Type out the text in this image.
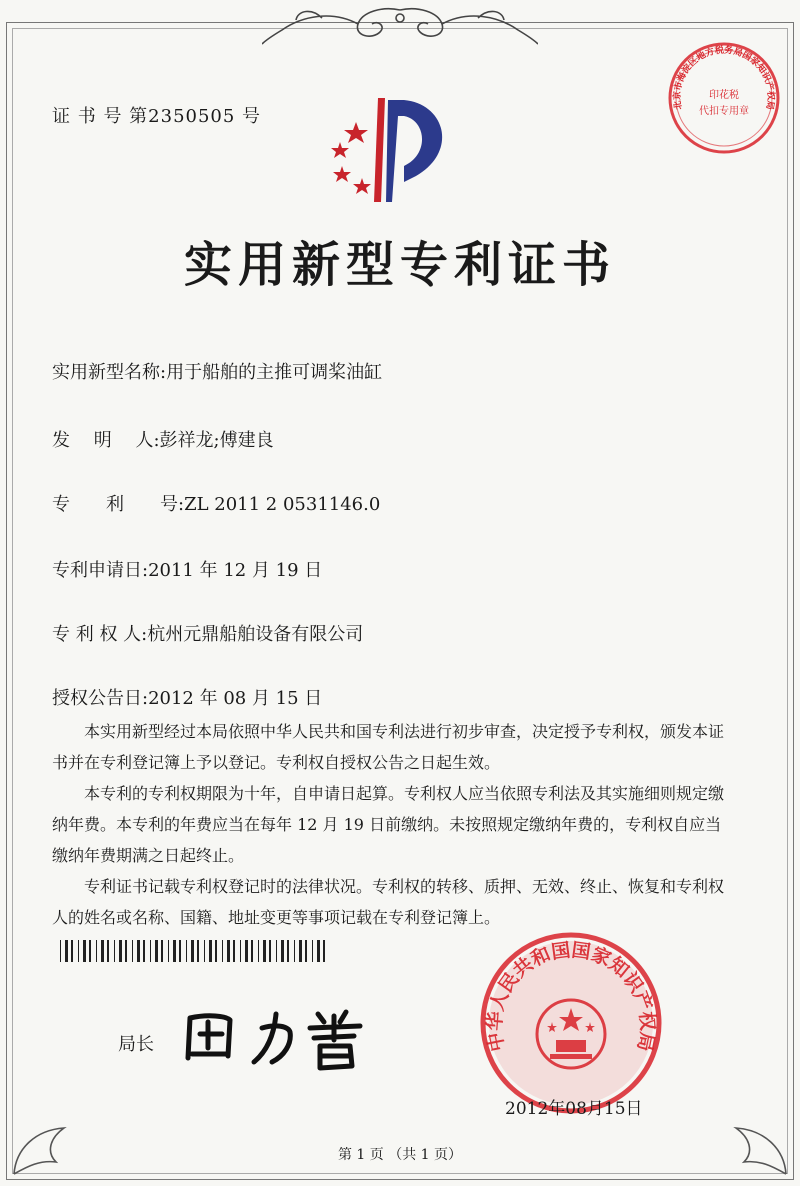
证 书 号 第2350505 号
实用新型专利证书
实用新型名称:用于船舶的主推可调桨油缸
发　 明　 人:彭祥龙;傅建良
专　　利　　号:ZL 2011 2 0531146.0
专利申请日:2011 年 12 月 19 日
专 利 权 人:杭州元鼎船舶设备有限公司
授权公告日:2012 年 08 月 15 日

本实用新型经过本局依照中华人民共和国专利法进行初步审查，决定授予专利权，颁发本证书并在专利登记簿上予以登记。专利权自授权公告之日起生效。

本专利的专利权期限为十年，自申请日起算。专利权人应当依照专利法及其实施细则规定缴纳年费。本专利的年费应当在每年 12 月 19 日前缴纳。未按照规定缴纳年费的，专利权自应当缴纳年费期满之日起终止。

专利证书记载专利权登记时的法律状况。专利权的转移、质押、无效、终止、恢复和专利权人的姓名或名称、国籍、地址变更等事项记载在专利登记簿上。

局长	中华人民共和国国家知识产权局
2012年08月15日
北京市海淀区地方税务局国家知识产权局
印花税
代扣专用章
第 1 页 （共 1 页）
